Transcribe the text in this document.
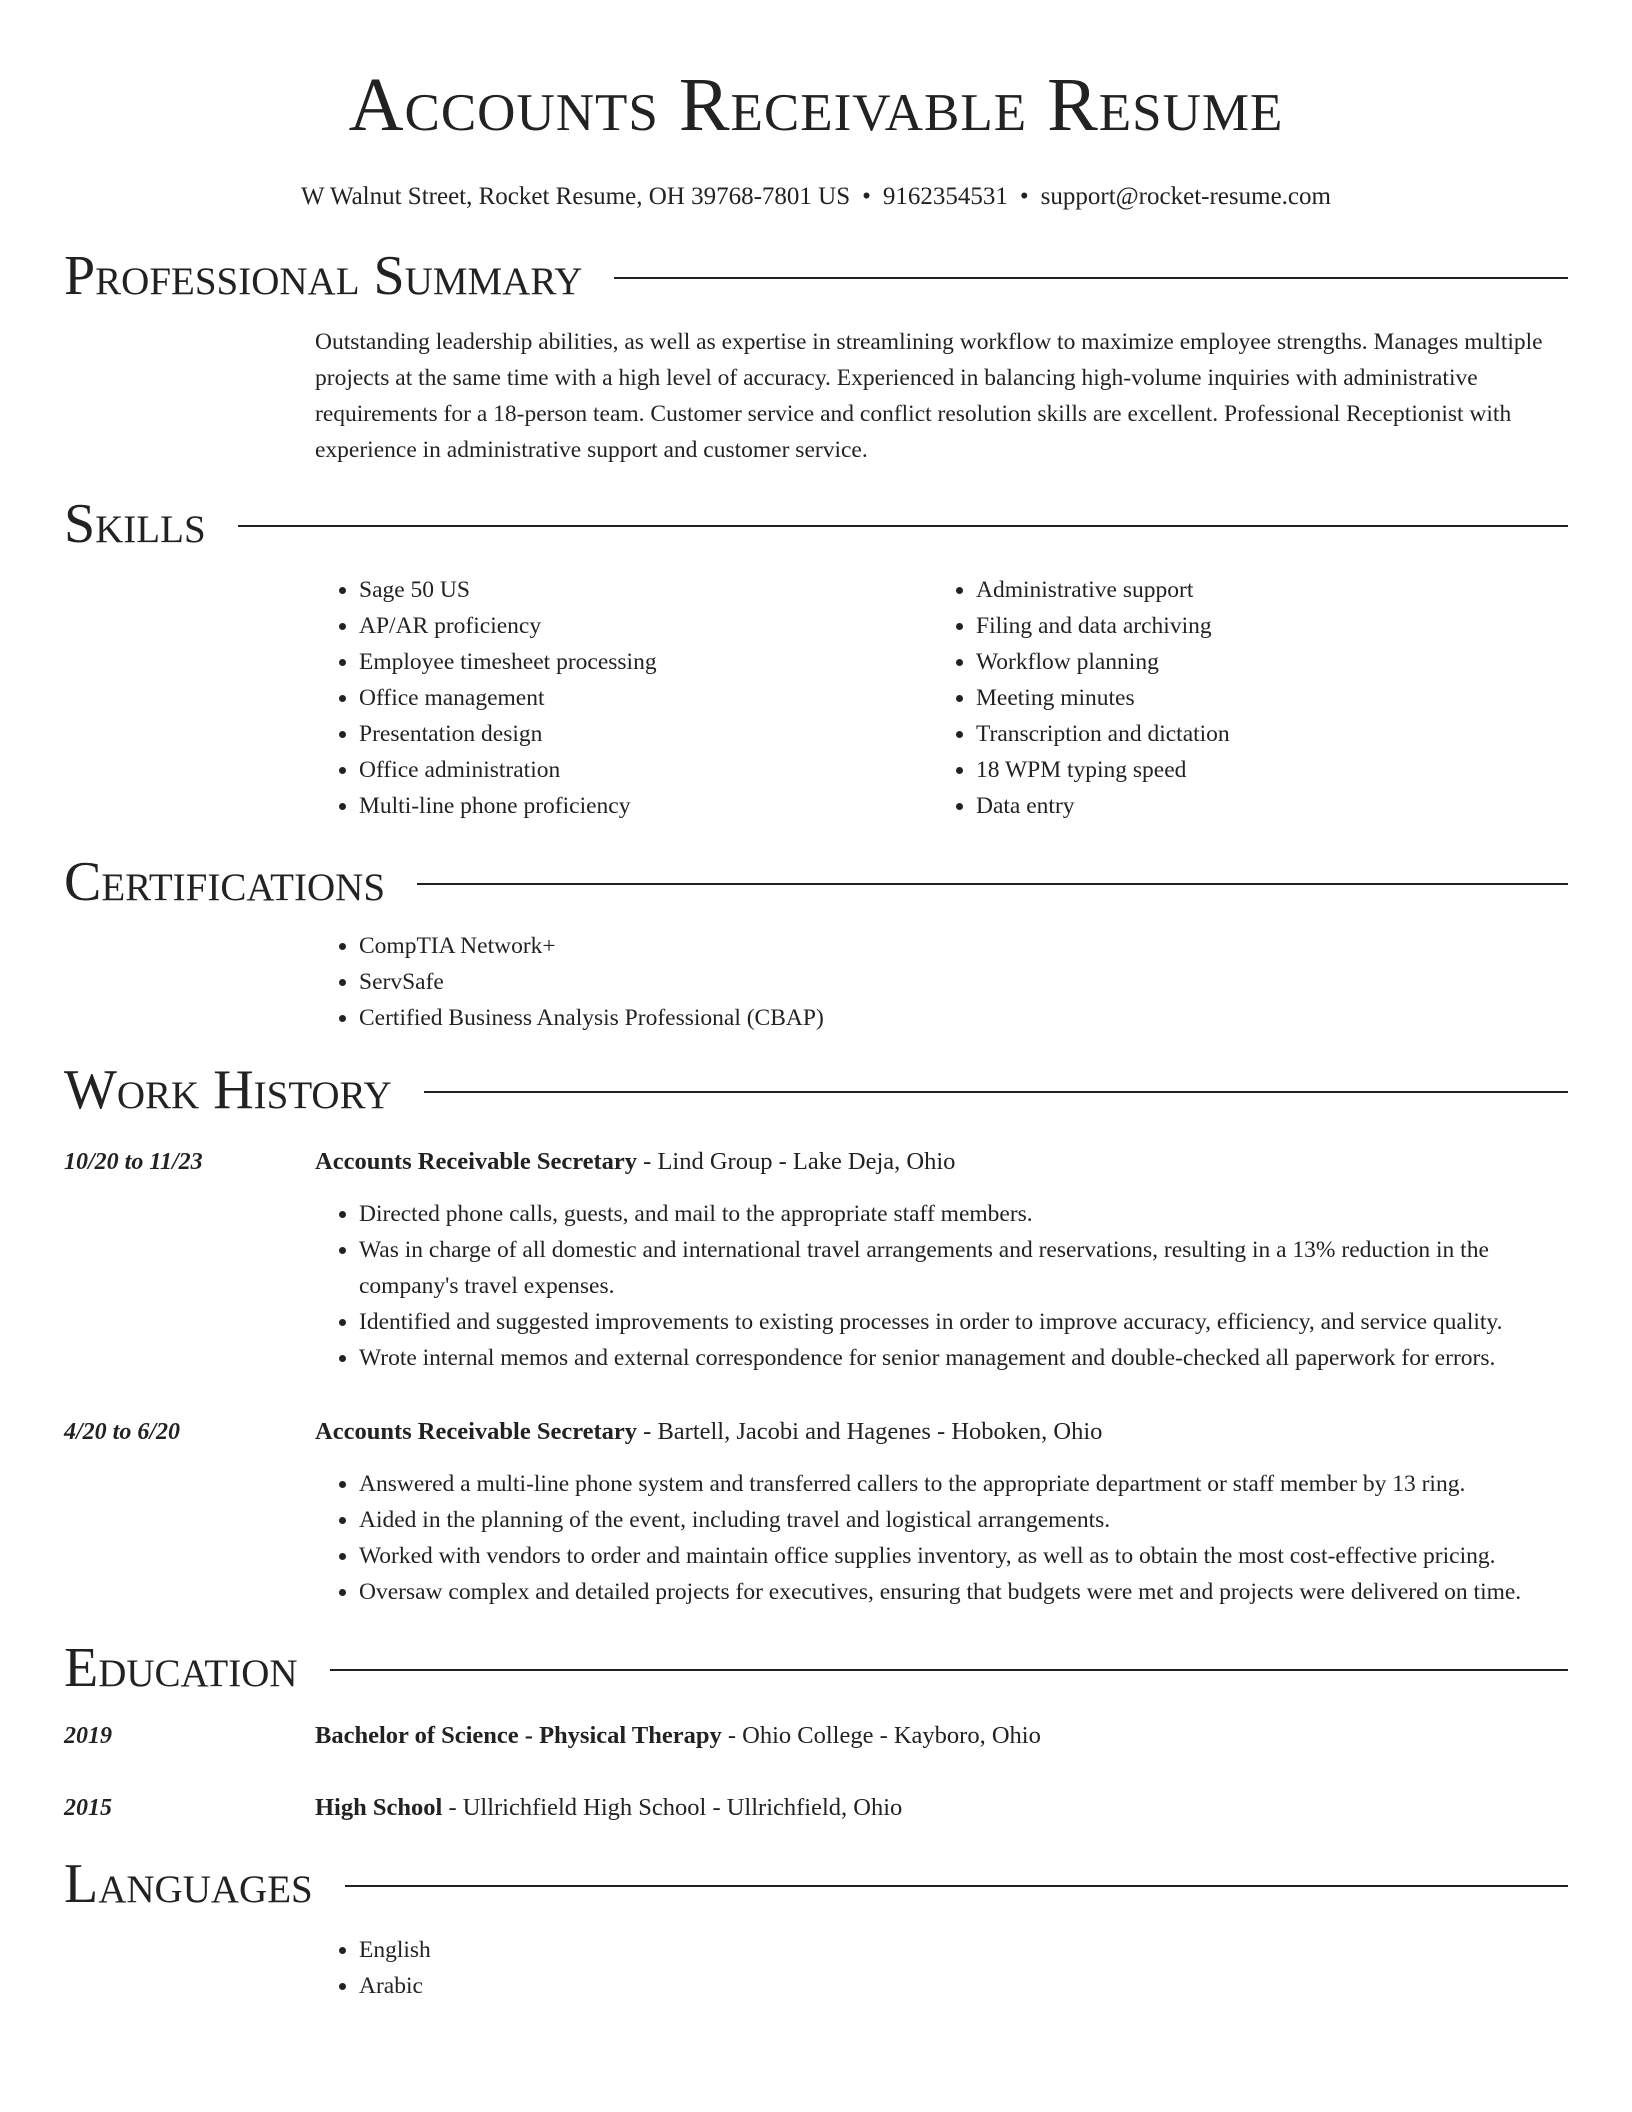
Accounts Receivable Resume
W Walnut Street, Rocket Resume, OH 39768-7801 US • 9162354531 • support@rocket-resume.com
Professional Summary

Outstanding leadership abilities, as well as expertise in streamlining workflow to maximize employee strengths. Manages multiple projects at the same time with a high level of accuracy. Experienced in balancing high-volume inquiries with administrative requirements for a 18-person team. Customer service and conflict resolution skills are excellent. Professional Receptionist with experience in administrative support and customer service.

Skills
• Sage 50 US
• AP/AR proficiency
• Employee timesheet processing
• Office management
• Presentation design
• Office administration
• Multi-line phone proficiency
• Administrative support
• Filing and data archiving
• Workflow planning
• Meeting minutes
• Transcription and dictation
• 18 WPM typing speed
• Data entry
Certifications
• CompTIA Network+
• ServSafe
• Certified Business Analysis Professional (CBAP)
Work History
10/20 to 11/23	Accounts Receivable Secretary - Lind Group - Lake Deja, Ohio
• Directed phone calls, guests, and mail to the appropriate staff members.
• Was in charge of all domestic and international travel arrangements and reservations, resulting in a 13% reduction in the company's travel expenses.
• Identified and suggested improvements to existing processes in order to improve accuracy, efficiency, and service quality.
• Wrote internal memos and external correspondence for senior management and double-checked all paperwork for errors.
4/20 to 6/20	Accounts Receivable Secretary - Bartell, Jacobi and Hagenes - Hoboken, Ohio
• Answered a multi-line phone system and transferred callers to the appropriate department or staff member by 13 ring.
• Aided in the planning of the event, including travel and logistical arrangements.
• Worked with vendors to order and maintain office supplies inventory, as well as to obtain the most cost-effective pricing.
• Oversaw complex and detailed projects for executives, ensuring that budgets were met and projects were delivered on time.
Education
2019	Bachelor of Science - Physical Therapy - Ohio College - Kayboro, Ohio
2015	High School - Ullrichfield High School - Ullrichfield, Ohio
Languages
• English
• Arabic
